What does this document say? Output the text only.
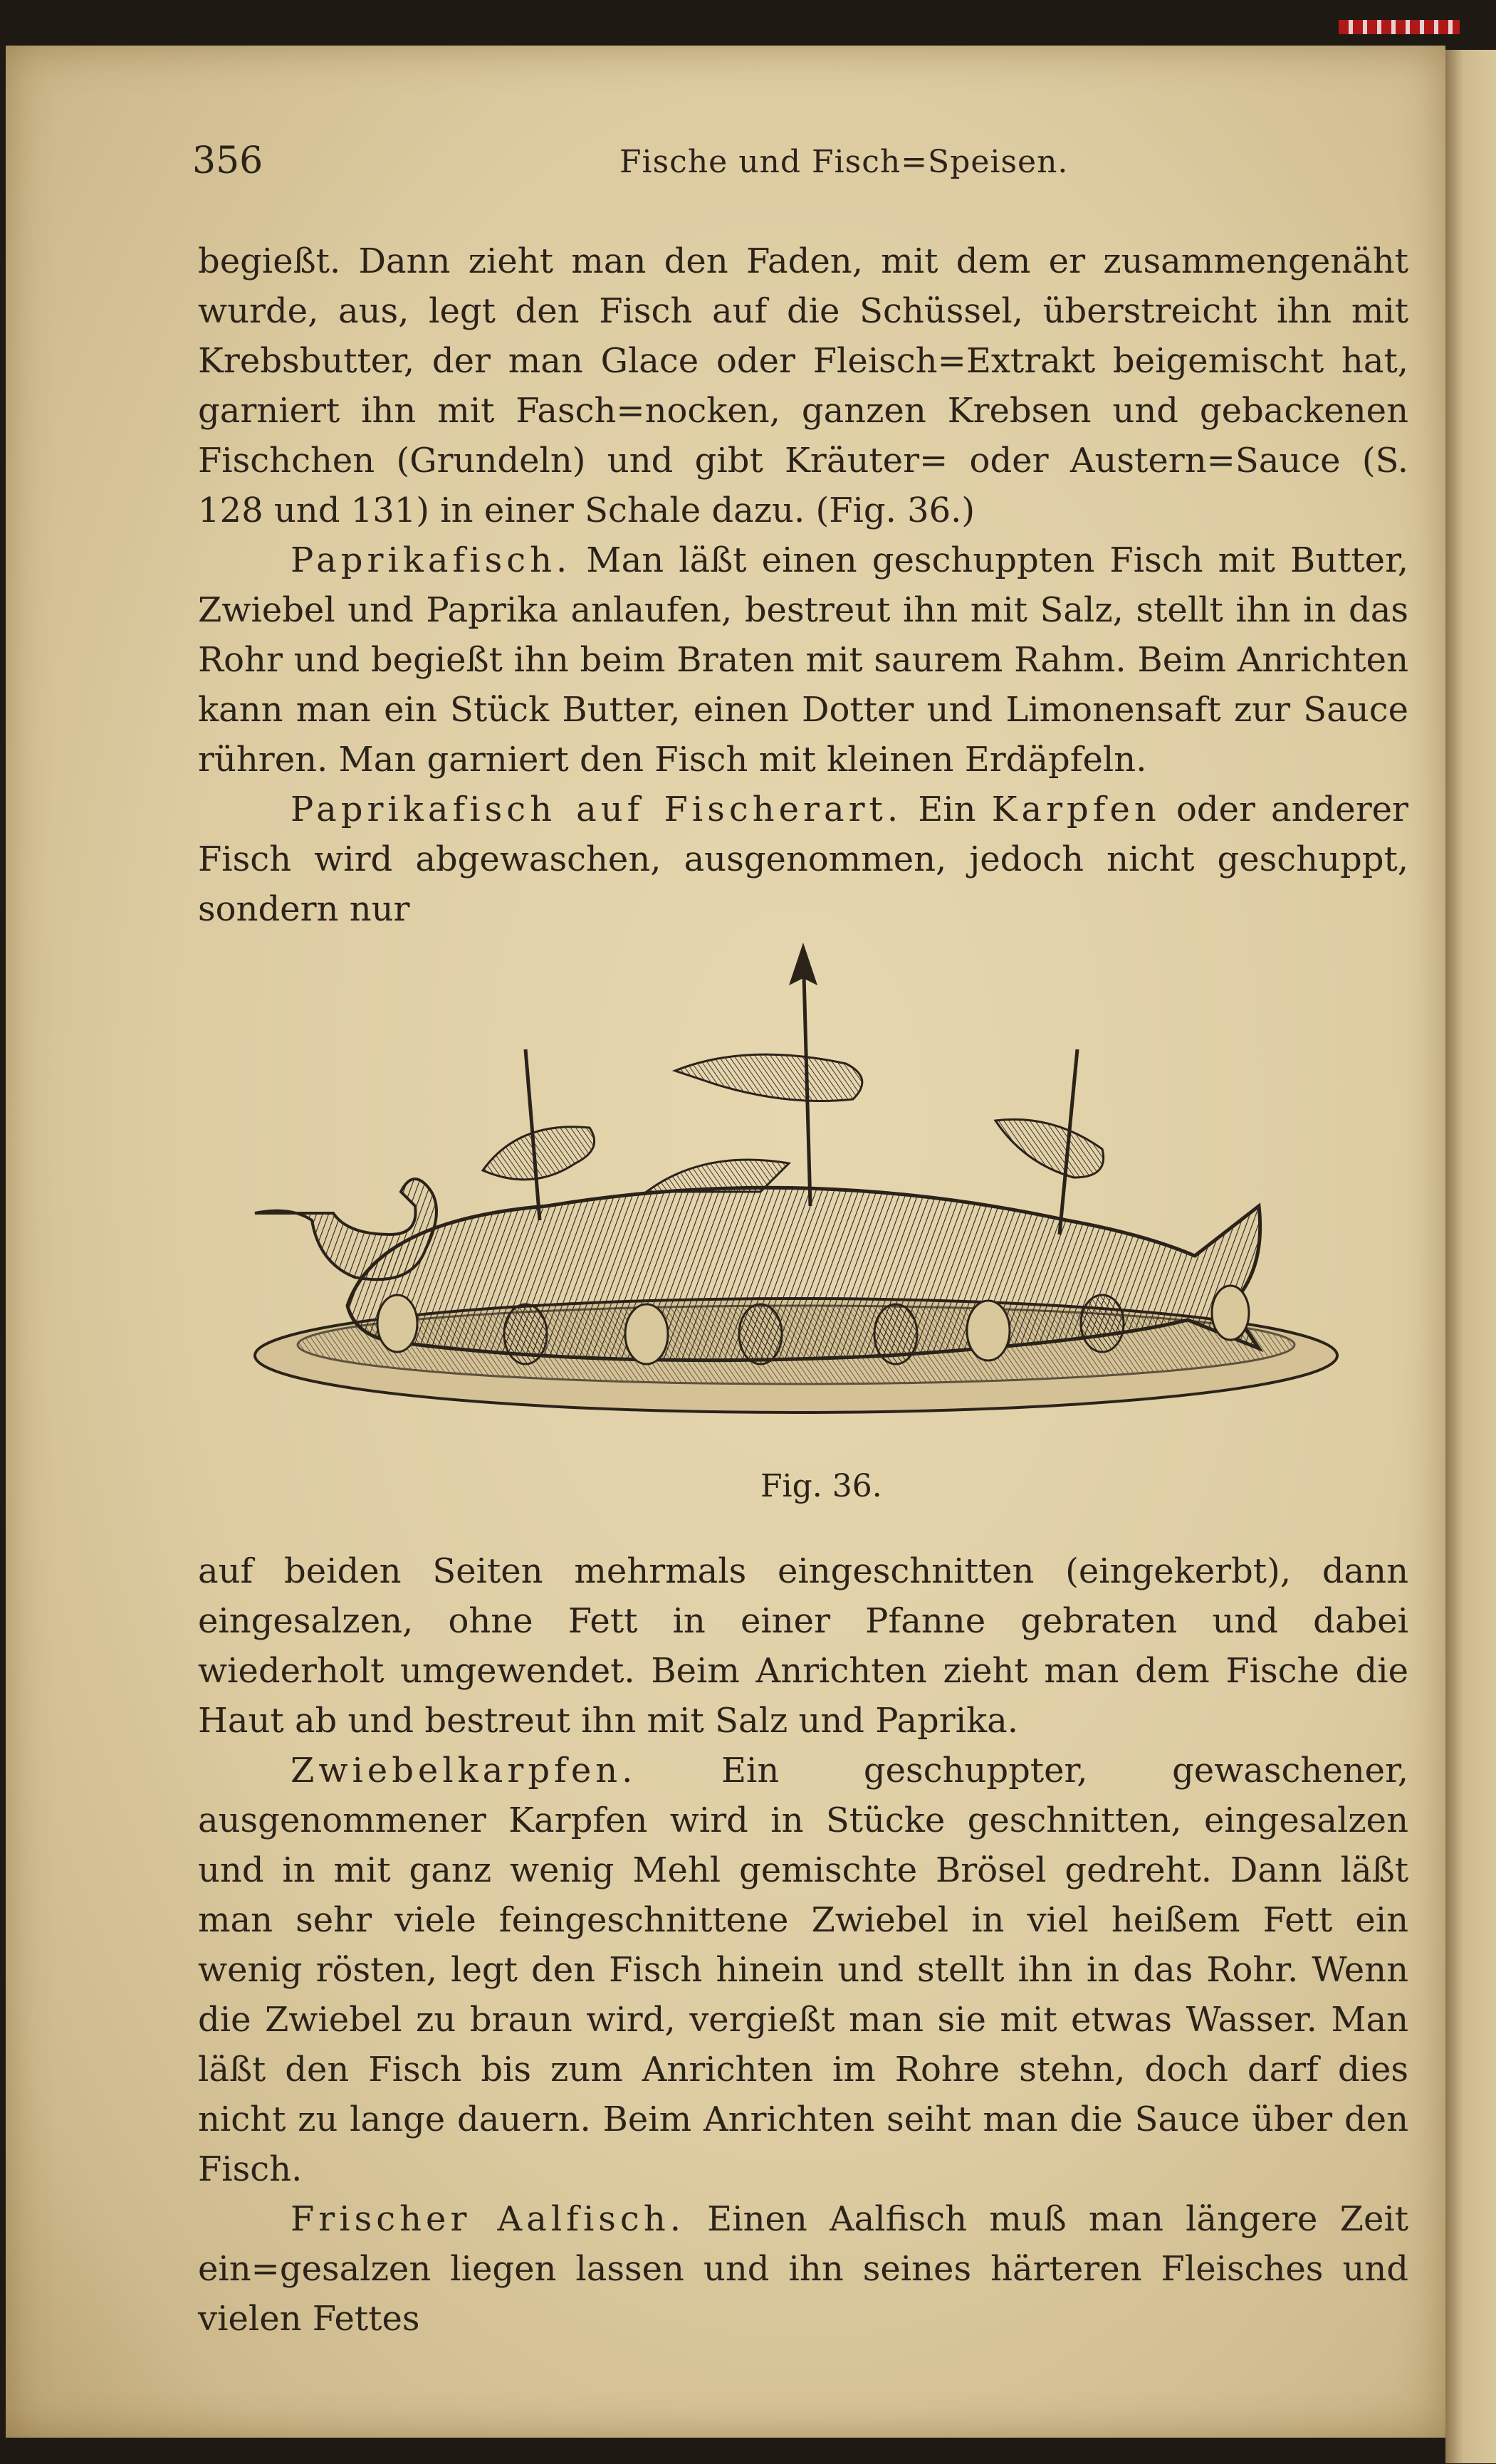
356	Fische und Fisch=Speisen.

begießt. Dann zieht man den Faden, mit dem er zusammengenäht wurde, aus, legt den Fisch auf die Schüssel, überstreicht ihn mit Krebsbutter, der man Glace oder Fleisch=Extrakt beigemischt hat, garniert ihn mit Fasch=nocken, ganzen Krebsen und gebackenen Fischchen (Grundeln) und gibt Kräuter= oder Austern=Sauce (S. 128 und 131) in einer Schale dazu. (Fig. 36.)
Paprikafisch. Man läßt einen geschuppten Fisch mit Butter, Zwiebel und Paprika anlaufen, bestreut ihn mit Salz, stellt ihn in das Rohr und begießt ihn beim Braten mit saurem Rahm. Beim Anrichten kann man ein Stück Butter, einen Dotter und Limonensaft zur Sauce rühren. Man garniert den Fisch mit kleinen Erdäpfeln.
Paprikafisch auf Fischerart. Ein Karpfen oder anderer Fisch wird abgewaschen, ausgenommen, jedoch nicht geschuppt, sondern nur

Fig. 36.

auf beiden Seiten mehrmals eingeschnitten (eingekerbt), dann eingesalzen, ohne Fett in einer Pfanne gebraten und dabei wiederholt umgewendet. Beim Anrichten zieht man dem Fische die Haut ab und bestreut ihn mit Salz und Paprika.
Zwiebelkarpfen. Ein geschuppter, gewaschener, ausgenommener Karpfen wird in Stücke geschnitten, eingesalzen und in mit ganz wenig Mehl gemischte Brösel gedreht. Dann läßt man sehr viele feingeschnittene Zwiebel in viel heißem Fett ein wenig rösten, legt den Fisch hinein und stellt ihn in das Rohr. Wenn die Zwiebel zu braun wird, vergießt man sie mit etwas Wasser. Man läßt den Fisch bis zum Anrichten im Rohre stehn, doch darf dies nicht zu lange dauern. Beim Anrichten seiht man die Sauce über den Fisch.
Frischer Aalfisch. Einen Aalfisch muß man längere Zeit ein=gesalzen liegen lassen und ihn seines härteren Fleisches und vielen Fettes
